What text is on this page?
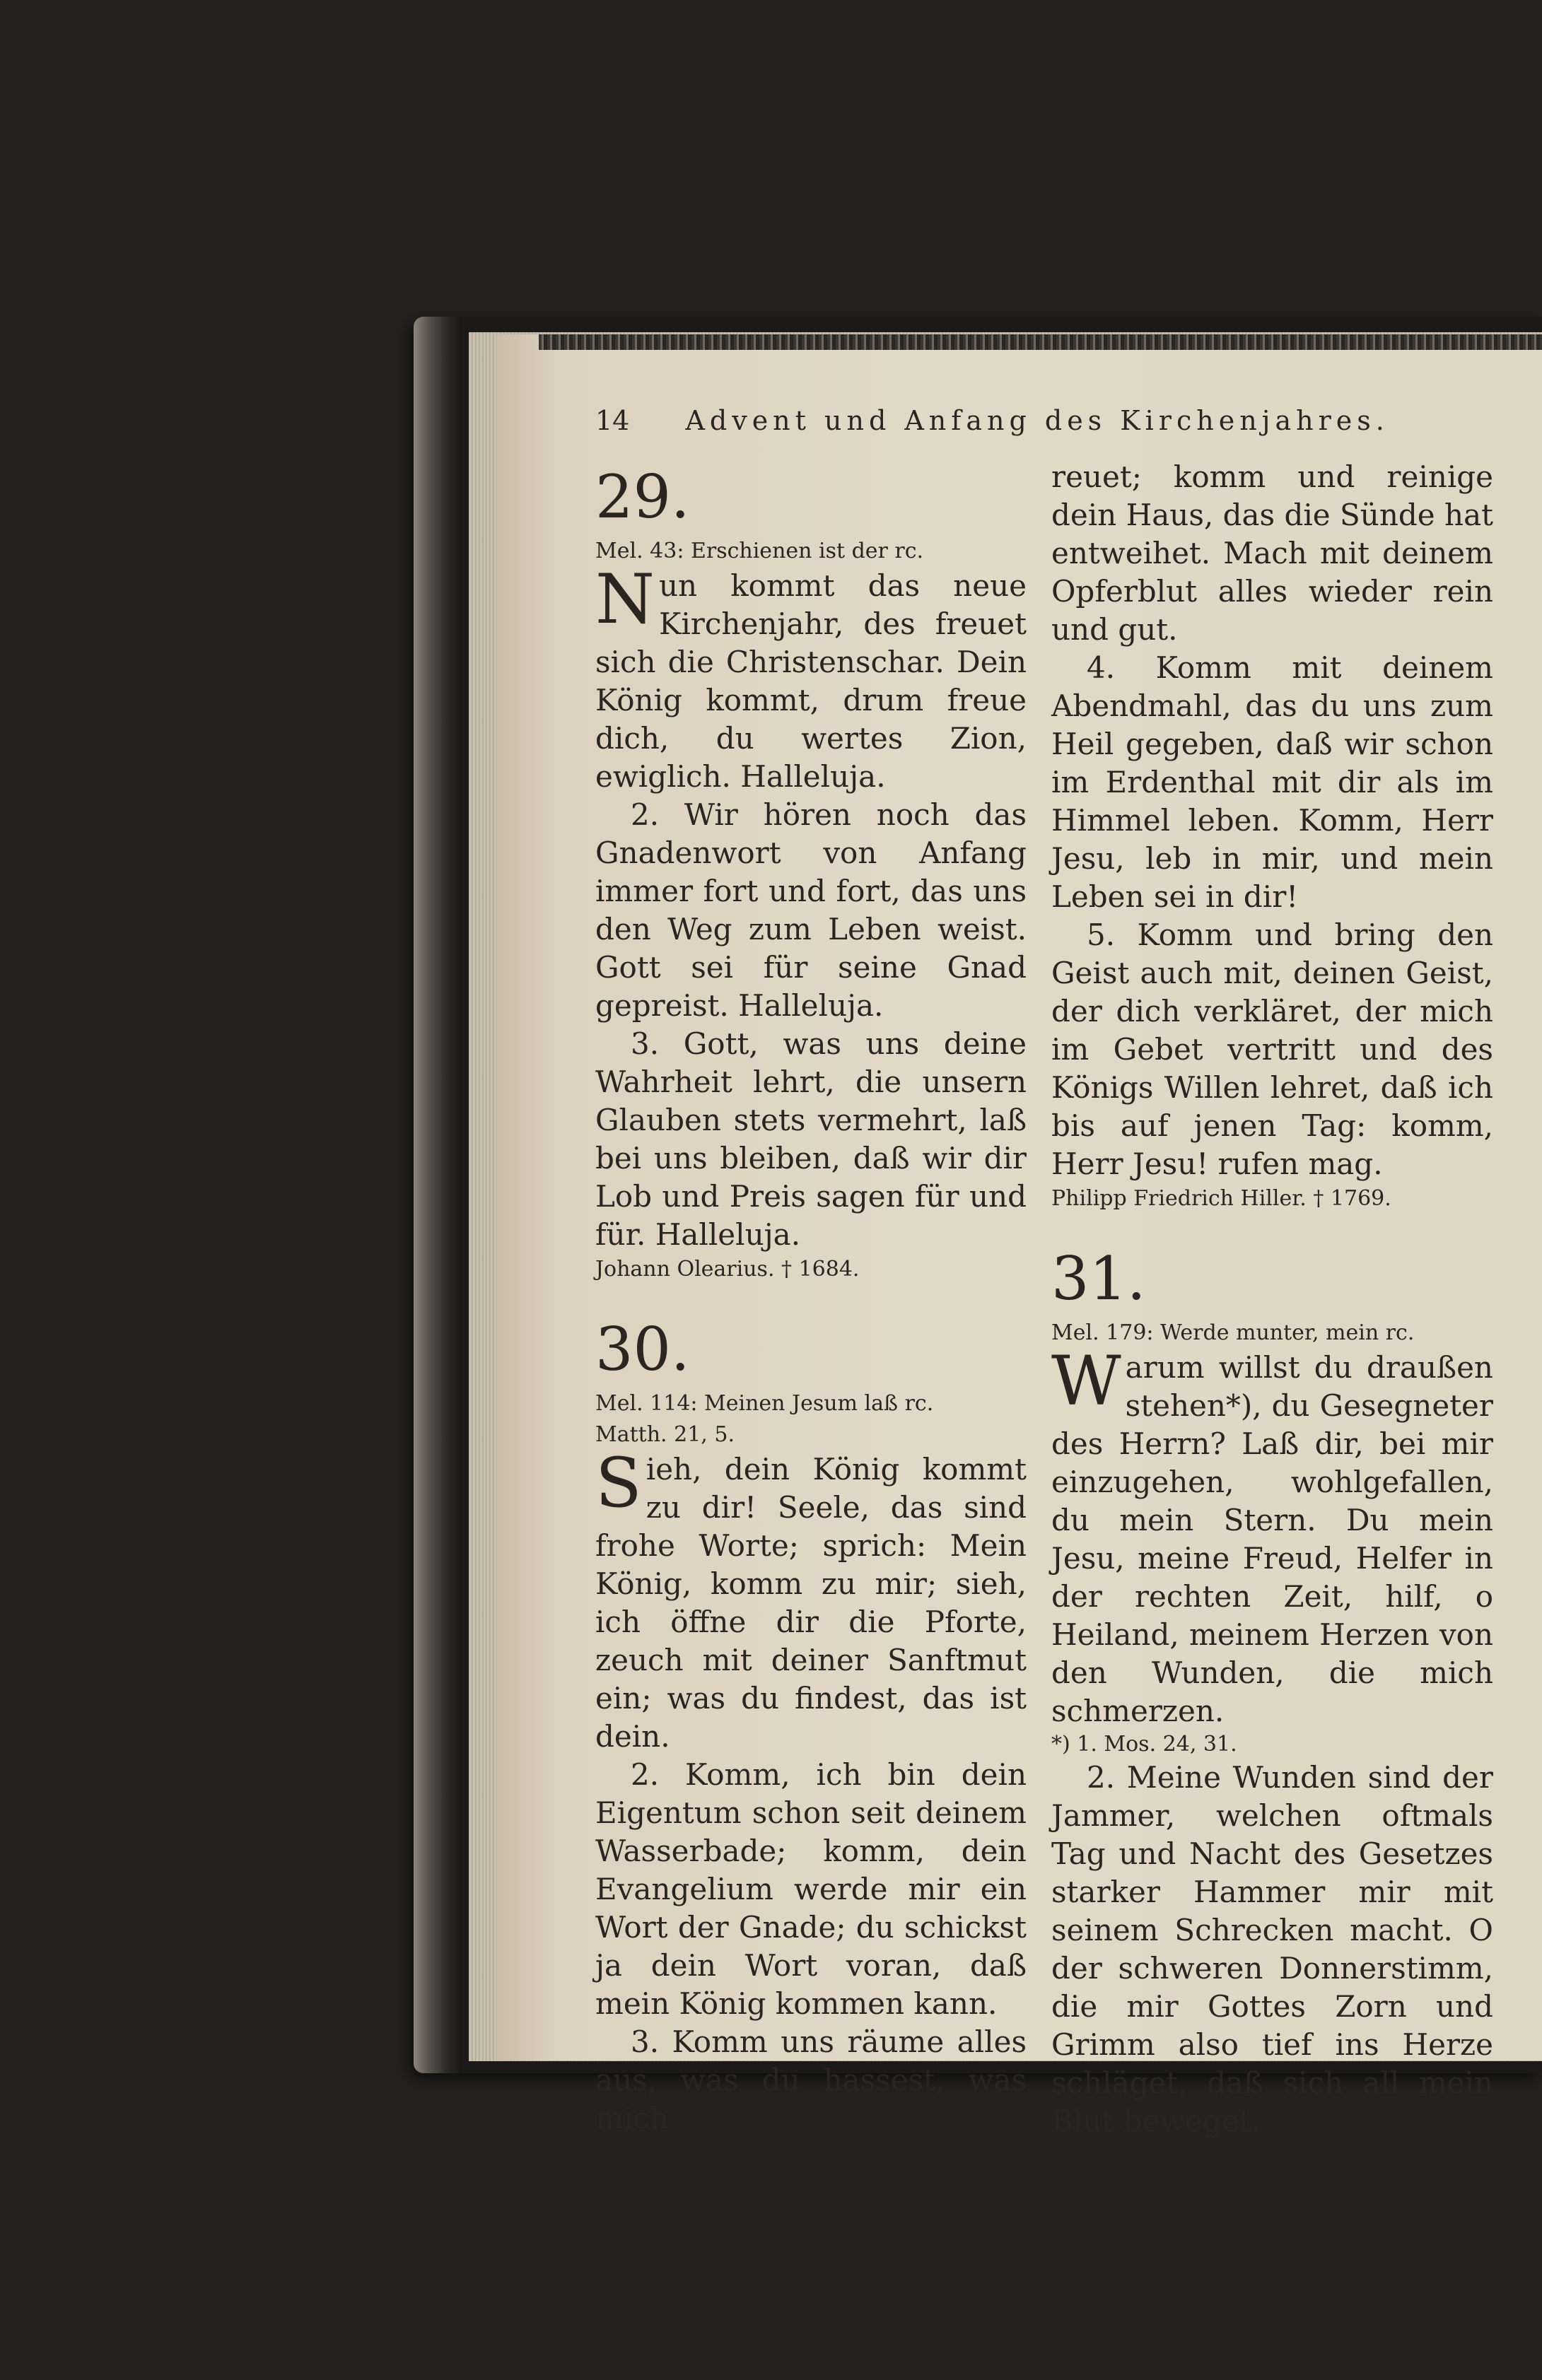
14 Advent und Anfang des Kirchenjahres.

29.

Mel. 43: Erschienen ist der rc.

Nun kommt das neue Kirchenjahr, des freuet sich die Christenschar. Dein König kommt, drum freue dich, du wertes Zion, ewiglich. Halleluja.

2. Wir hören noch das Gnadenwort von Anfang immer fort und fort, das uns den Weg zum Leben weist. Gott sei für seine Gnad gepreist. Halleluja.

3. Gott, was uns deine Wahrheit lehrt, die unsern Glauben stets vermehrt, laß bei uns bleiben, daß wir dir Lob und Preis sagen für und für. Halleluja.

Johann Olearius. † 1684.

30.

Mel. 114: Meinen Jesum laß rc.

Matth. 21, 5.

Sieh, dein König kommt zu dir! Seele, das sind frohe Worte; sprich: Mein König, komm zu mir; sieh, ich öffne dir die Pforte, zeuch mit deiner Sanftmut ein; was du findest, das ist dein.

2. Komm, ich bin dein Eigentum schon seit deinem Wasserbade; komm, dein Evangelium werde mir ein Wort der Gnade; du schickst ja dein Wort voran, daß mein König kommen kann.

3. Komm uns räume alles aus, was du hassest, was mich

reuet; komm und reinige dein Haus, das die Sünde hat entweihet. Mach mit deinem Opferblut alles wieder rein und gut.

4. Komm mit deinem Abendmahl, das du uns zum Heil gegeben, daß wir schon im Erdenthal mit dir als im Himmel leben. Komm, Herr Jesu, leb in mir, und mein Leben sei in dir!

5. Komm und bring den Geist auch mit, deinen Geist, der dich verkläret, der mich im Gebet vertritt und des Königs Willen lehret, daß ich bis auf jenen Tag: komm, Herr Jesu! rufen mag.

Philipp Friedrich Hiller. † 1769.

31.

Mel. 179: Werde munter, mein rc.

Warum willst du draußen stehen*), du Gesegneter des Herrn? Laß dir, bei mir einzugehen, wohlgefallen, du mein Stern. Du mein Jesu, meine Freud, Helfer in der rechten Zeit, hilf, o Heiland, meinem Herzen von den Wunden, die mich schmerzen.

*) 1. Mos. 24, 31.

2. Meine Wunden sind der Jammer, welchen oftmals Tag und Nacht des Gesetzes starker Hammer mir mit seinem Schrecken macht. O der schweren Donnerstimm, die mir Gottes Zorn und Grimm also tief ins Herze schläget, daß sich all mein Blut beweget.
